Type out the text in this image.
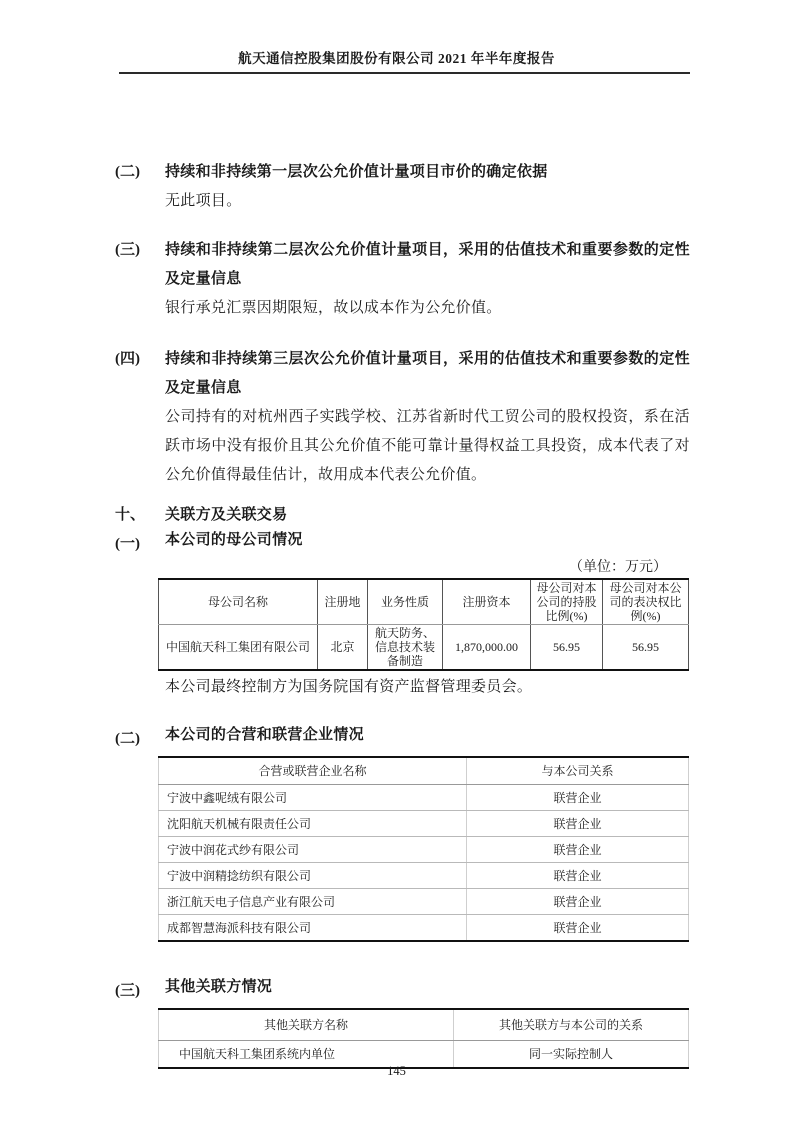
航天通信控股集团股份有限公司 2021 年半年度报告
(二)	持续和非持续第一层次公允价值计量项目市价的确定依据
无此项目。
(三)	持续和非持续第二层次公允价值计量项目，采用的估值技术和重要参数的定性及定量信息
银行承兑汇票因期限短，故以成本作为公允价值。
(四)	持续和非持续第三层次公允价值计量项目，采用的估值技术和重要参数的定性及定量信息
公司持有的对杭州西子实践学校、江苏省新时代工贸公司的股权投资，系在活跃市场中没有报价且其公允价值不能可靠计量得权益工具投资，成本代表了对公允价值得最佳估计，故用成本代表公允价值。
十、	关联方及关联交易
(一)	本公司的母公司情况
（单位：万元）
母公司名称	注册地	业务性质	注册资本	母公司对本公司的持股比例(%)	母公司对本公司的表决权比例(%)
中国航天科工集团有限公司	北京	航天防务、信息技术装备制造	1,870,000.00	56.95	56.95
本公司最终控制方为国务院国有资产监督管理委员会。
(二)	本公司的合营和联营企业情况
合营或联营企业名称	与本公司关系
宁波中鑫呢绒有限公司	联营企业
沈阳航天机械有限责任公司	联营企业
宁波中润花式纱有限公司	联营企业
宁波中润精捻纺织有限公司	联营企业
浙江航天电子信息产业有限公司	联营企业
成都智慧海派科技有限公司	联营企业
(三)	其他关联方情况
其他关联方名称	其他关联方与本公司的关系
中国航天科工集团系统内单位	同一实际控制人
145
